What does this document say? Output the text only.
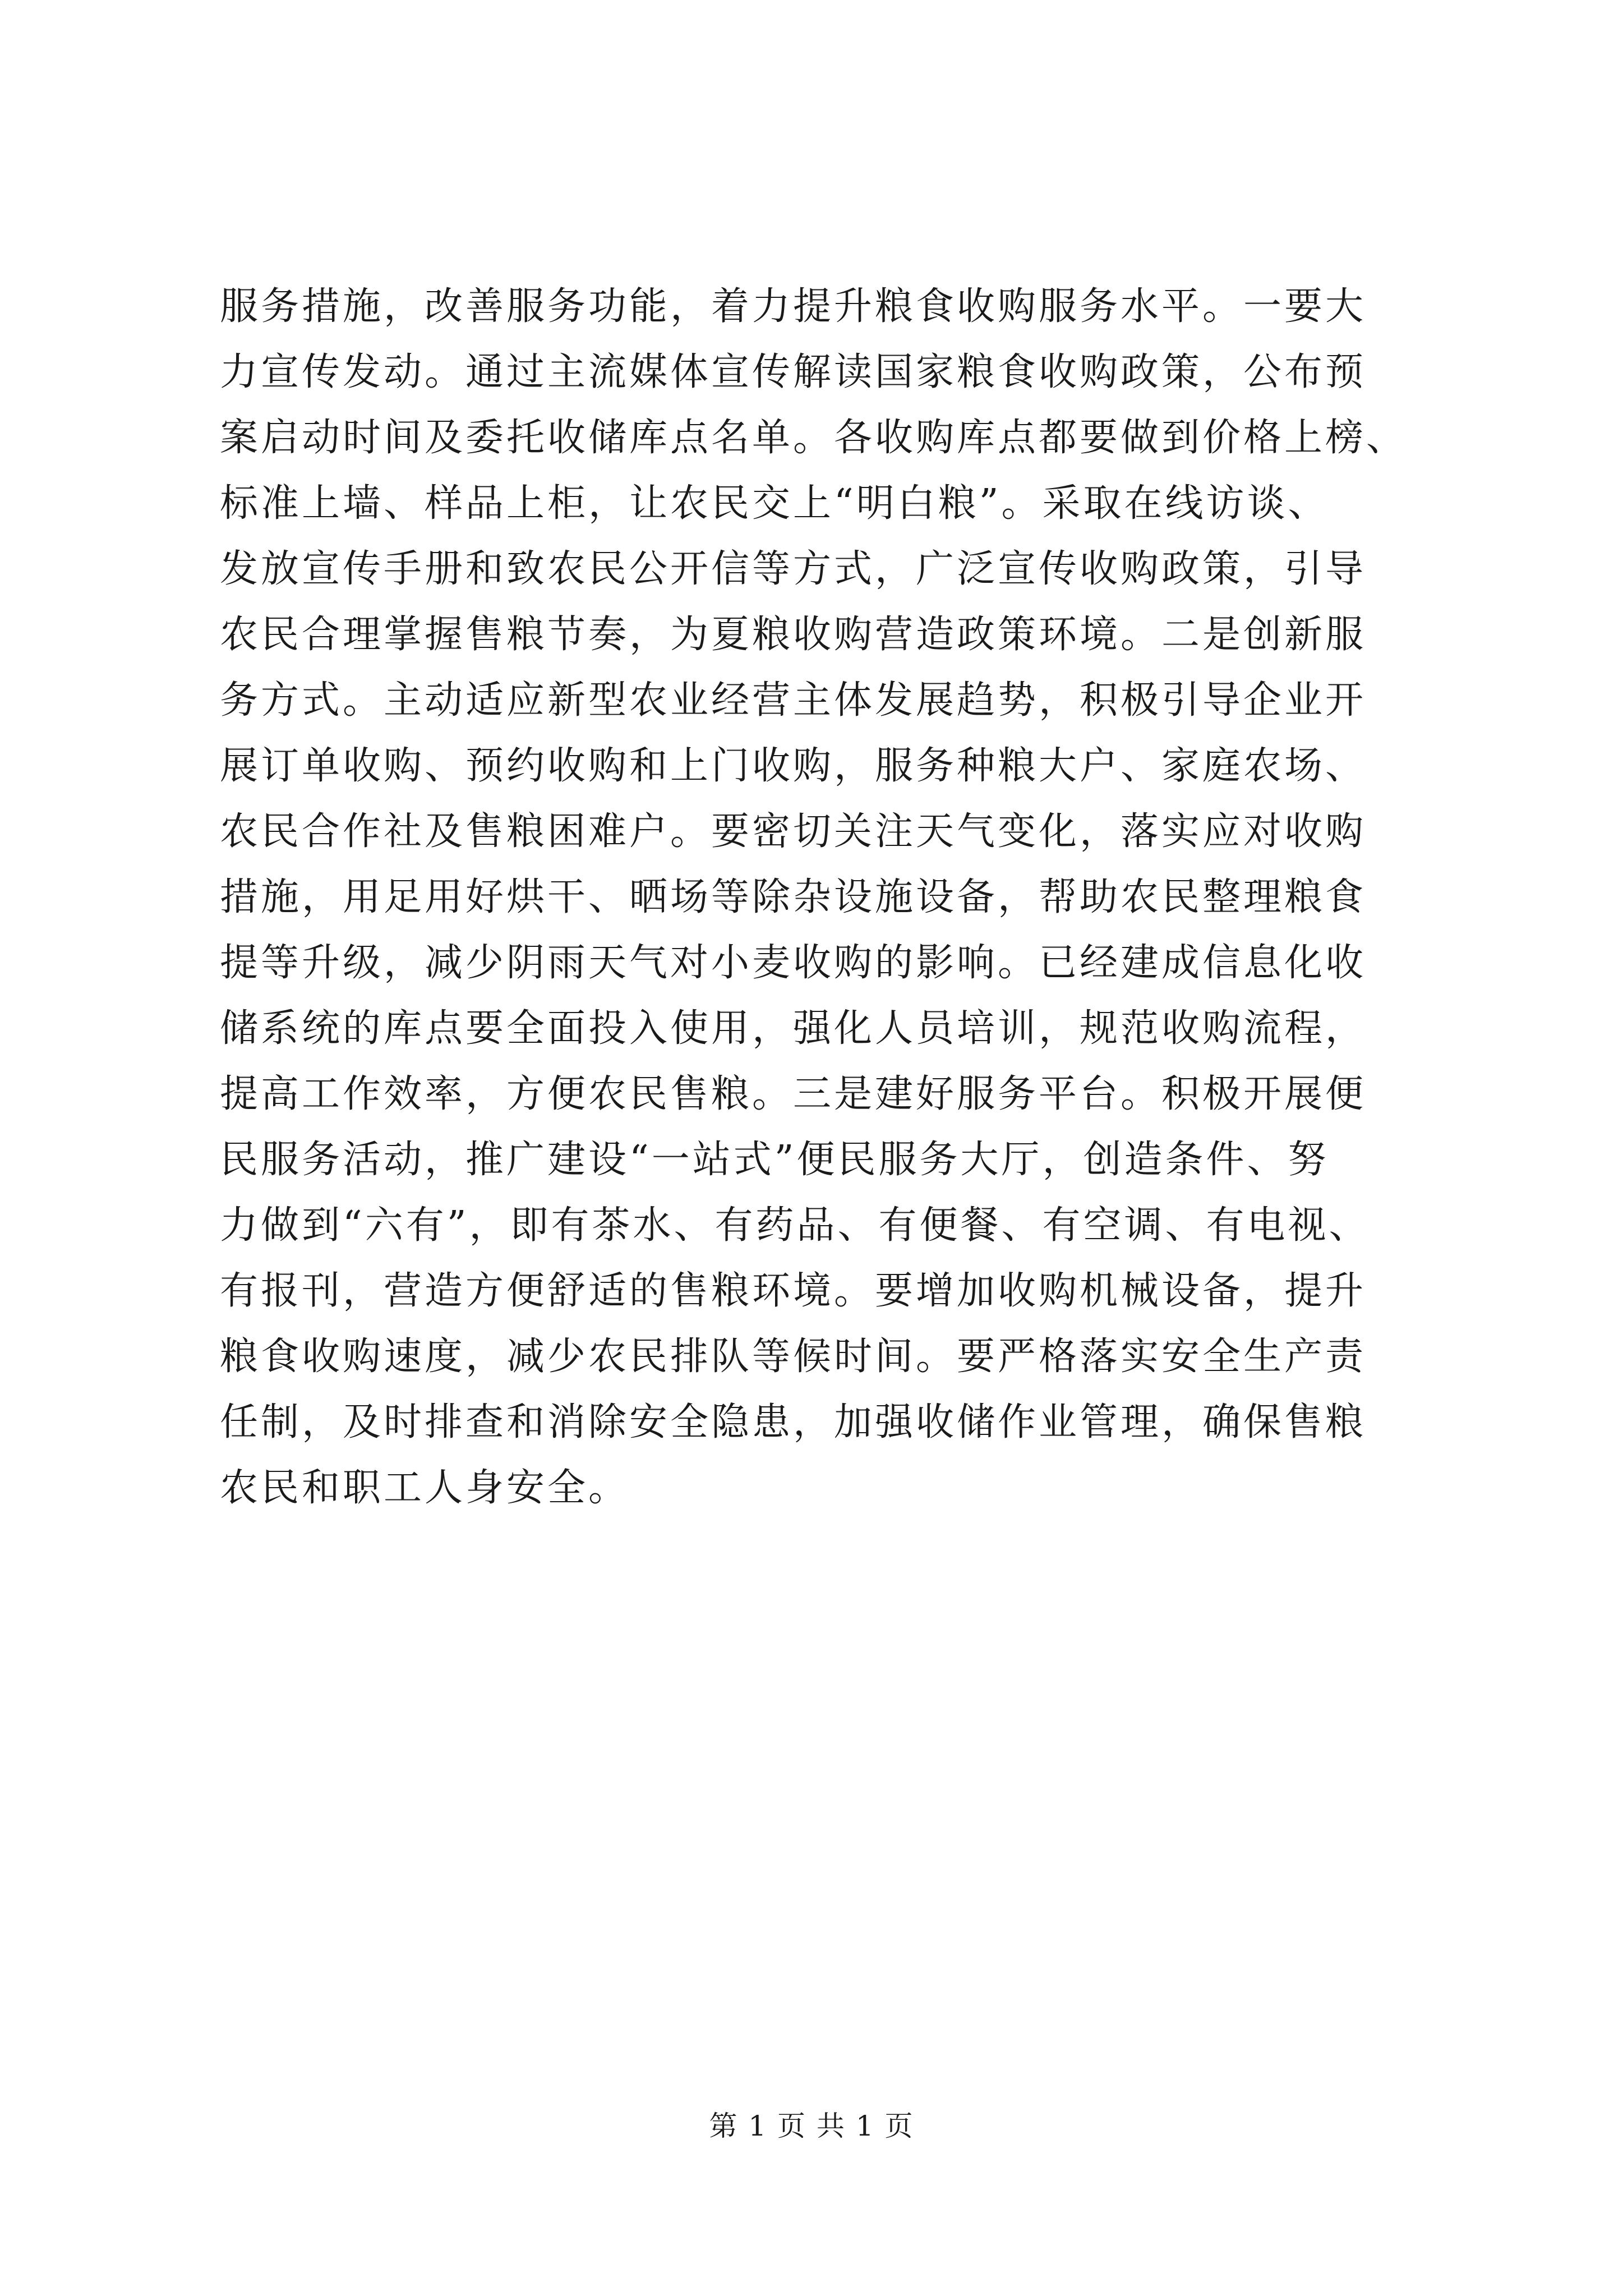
服务措施，改善服务功能，着力提升粮食收购服务水平。一要大
力宣传发动。通过主流媒体宣传解读国家粮食收购政策，公布预
案启动时间及委托收储库点名单。各收购库点都要做到价格上榜、
标准上墙、样品上柜，让农民交上“明白粮”。采取在线访谈、
发放宣传手册和致农民公开信等方式，广泛宣传收购政策，引导
农民合理掌握售粮节奏，为夏粮收购营造政策环境。二是创新服
务方式。主动适应新型农业经营主体发展趋势，积极引导企业开
展订单收购、预约收购和上门收购，服务种粮大户、家庭农场、
农民合作社及售粮困难户。要密切关注天气变化，落实应对收购
措施，用足用好烘干、晒场等除杂设施设备，帮助农民整理粮食
提等升级，减少阴雨天气对小麦收购的影响。已经建成信息化收
储系统的库点要全面投入使用，强化人员培训，规范收购流程，
提高工作效率，方便农民售粮。三是建好服务平台。积极开展便
民服务活动，推广建设“一站式”便民服务大厅，创造条件、努
力做到“六有”，即有茶水、有药品、有便餐、有空调、有电视、
有报刊，营造方便舒适的售粮环境。要增加收购机械设备，提升
粮食收购速度，减少农民排队等候时间。要严格落实安全生产责
任制，及时排查和消除安全隐患，加强收储作业管理，确保售粮
农民和职工人身安全。
第 1 页 共 1 页
